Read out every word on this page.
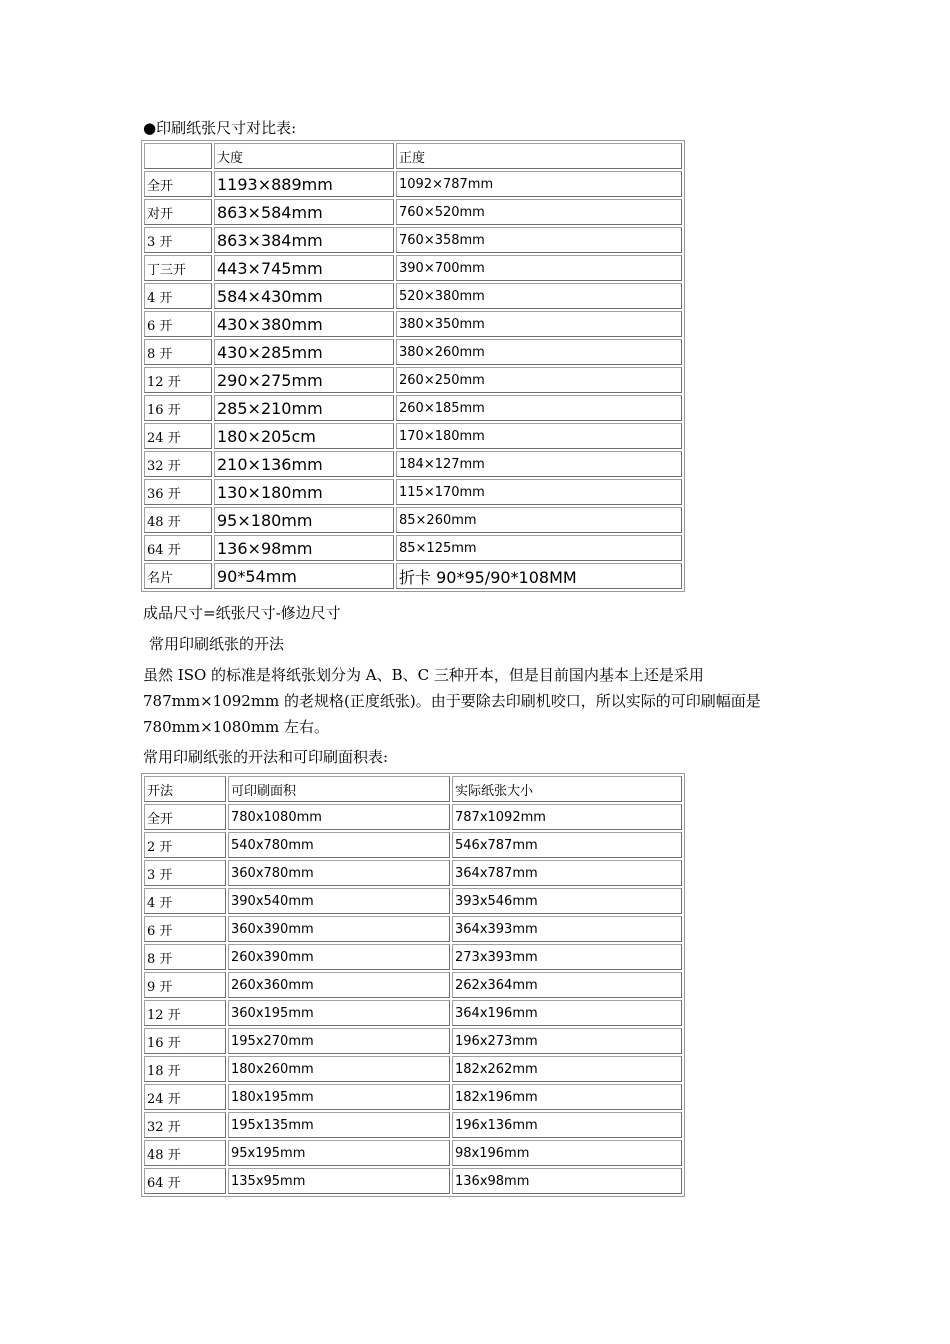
●印刷纸张尺寸对比表:
	大度	正度
全开	1193×889mm	1092×787mm
对开	863×584mm	760×520mm
3 开	863×384mm	760×358mm
丁三开	443×745mm	390×700mm
4 开	584×430mm	520×380mm
6 开	430×380mm	380×350mm
8 开	430×285mm	380×260mm
12 开	290×275mm	260×250mm
16 开	285×210mm	260×185mm
24 开	180×205cm	170×180mm
32 开	210×136mm	184×127mm
36 开	130×180mm	115×170mm
48 开	95×180mm	85×260mm
64 开	136×98mm	85×125mm
名片	90*54mm	折卡 90*95/90*108MM
成品尺寸=纸张尺寸-修边尺寸
常用印刷纸张的开法
虽然 ISO 的标准是将纸张划分为 A、B、C 三种开本，但是目前国内基本上还是采用
787mm×1092mm 的老规格(正度纸张)。由于要除去印刷机咬口，所以实际的可印刷幅面是
780mm×1080mm 左右。
常用印刷纸张的开法和可印刷面积表:
开法	可印刷面积	实际纸张大小
全开	780x1080mm	787x1092mm
2 开	540x780mm	546x787mm
3 开	360x780mm	364x787mm
4 开	390x540mm	393x546mm
6 开	360x390mm	364x393mm
8 开	260x390mm	273x393mm
9 开	260x360mm	262x364mm
12 开	360x195mm	364x196mm
16 开	195x270mm	196x273mm
18 开	180x260mm	182x262mm
24 开	180x195mm	182x196mm
32 开	195x135mm	196x136mm
48 开	95x195mm	98x196mm
64 开	135x95mm	136x98mm
